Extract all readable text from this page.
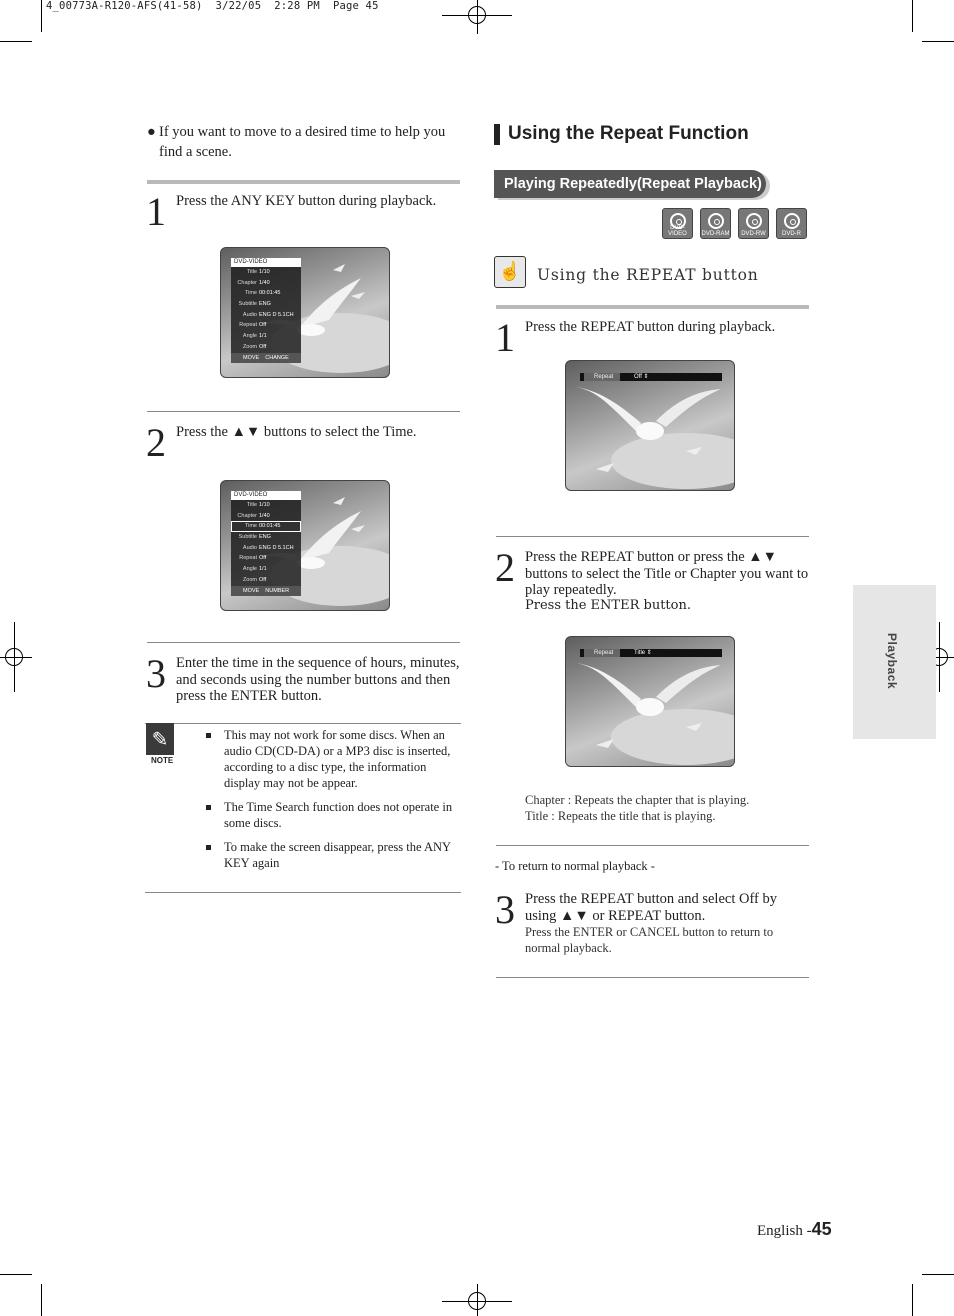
4_00773A-R120-AFS(41-58)  3/22/05  2:28 PM  Page 45
● If you want to move to a desired time to help you find a scene.
1 Press the ANY KEY button during playback.
DVD-VIDEO
Title 1/10
Chapter 1/40
Time 00:01:45
Subtitle ENG
Audio ENG D 5.1CH
Repeat Off
Angle 1/1
Zoom Off
MOVE    CHANGE
2 Press the ▲▼ buttons to select the Time.
DVD-VIDEO
Title 1/10
Chapter 1/40
Time 00:01:45
Subtitle ENG
Audio ENG D 5.1CH
Repeat Off
Angle 1/1
Zoom Off
MOVE    NUMBER
3 Enter the time in the sequence of hours, minutes, and seconds using the number buttons and then press the ENTER button.
✎
NOTE
This may not work for some discs. When an audio CD(CD-DA) or a MP3 disc is inserted, according to a disc type, the information display may not be appear.
The Time Search function does not operate in some discs.
To make the screen disappear, press the ANY KEY again
Using the Repeat Function
Playing Repeatedly(Repeat Playback)
DVD-VIDEO	DVD-RAM	DVD-RW	DVD-R
☝	Using the REPEAT button
1 Press the REPEAT button during playback.
Repeat	Off ⇕
2 Press the REPEAT button or press the ▲▼ buttons to select the Title or Chapter you want to play repeatedly.
Press the ENTER button.
Repeat	Title ⇕
Chapter : Repeats the chapter that is playing.
Title : Repeats the title that is playing.
- To return to normal playback -
3 Press the REPEAT button and select Off by using ▲▼ or REPEAT button.
Press the ENTER or CANCEL button to return to normal playback.
Playback
English -45
